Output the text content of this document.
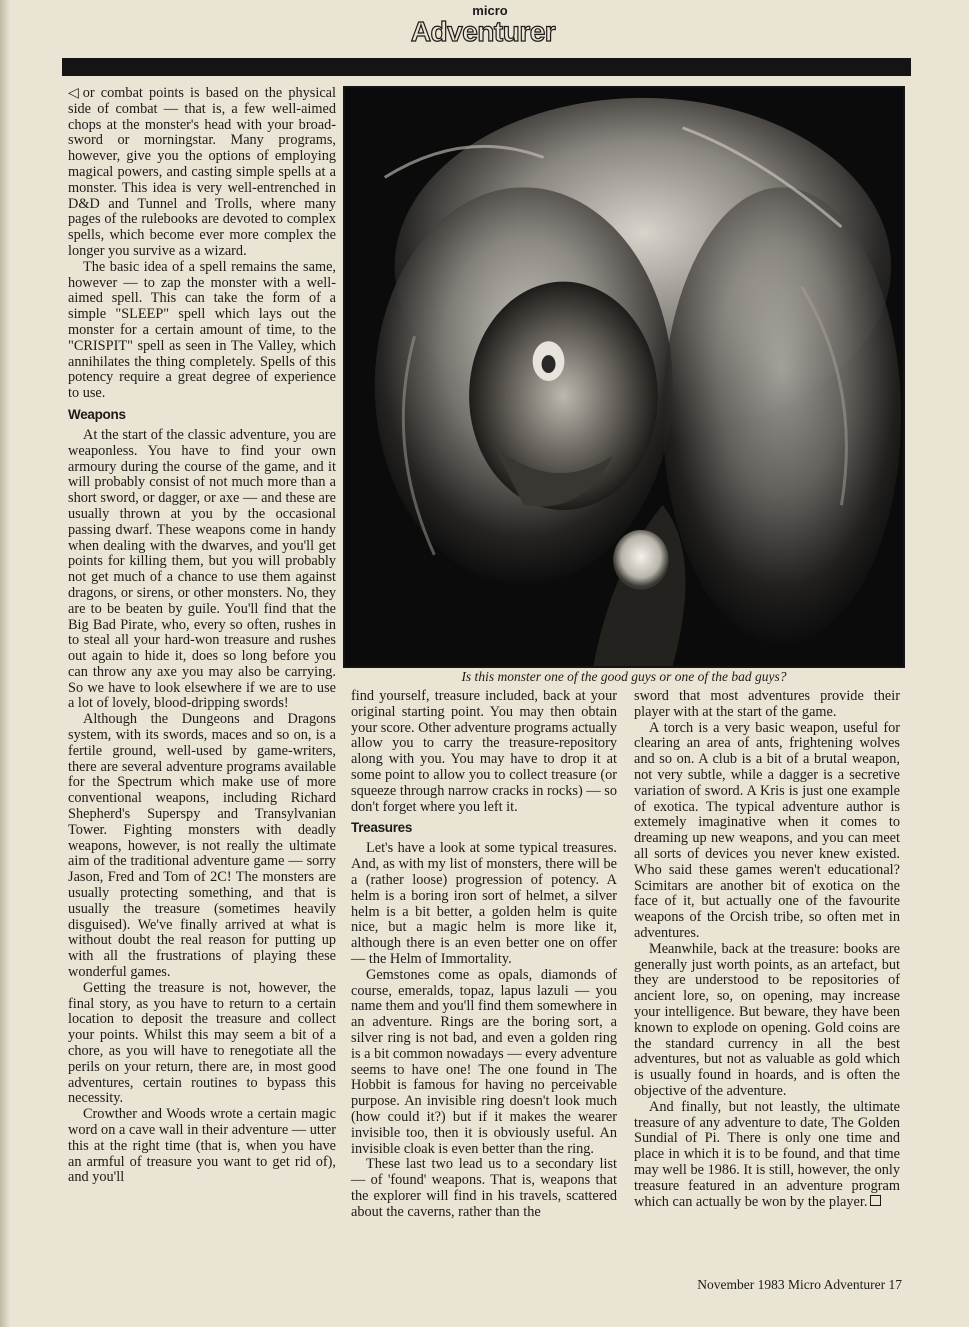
micro
Adventurer
Is this monster one of the good guys or one of the bad guys?

◁ or combat points is based on the physical side of combat — that is, a few well-aimed chops at the monster's head with your broad-sword or morningstar. Many programs, however, give you the options of employing magical powers, and casting simple spells at a monster. This idea is very well-entrenched in D&D and Tunnel and Trolls, where many pages of the rulebooks are devoted to complex spells, which become ever more complex the longer you survive as a wizard.

The basic idea of a spell remains the same, however — to zap the monster with a well-aimed spell. This can take the form of a simple "SLEEP" spell which lays out the monster for a certain amount of time, to the "CRISPIT" spell as seen in The Valley, which annihilates the thing completely. Spells of this potency require a great degree of experience to use.

Weapons

At the start of the classic adventure, you are weaponless. You have to find your own armoury during the course of the game, and it will probably consist of not much more than a short sword, or dagger, or axe — and these are usually thrown at you by the occasional passing dwarf. These weapons come in handy when dealing with the dwarves, and you'll get points for killing them, but you will probably not get much of a chance to use them against dragons, or sirens, or other monsters. No, they are to be beaten by guile. You'll find that the Big Bad Pirate, who, every so often, rushes in to steal all your hard-won treasure and rushes out again to hide it, does so long before you can throw any axe you may also be carrying. So we have to look elsewhere if we are to use a lot of lovely, blood-dripping swords!

Although the Dungeons and Dragons system, with its swords, maces and so on, is a fertile ground, well-used by game-writers, there are several adventure programs available for the Spectrum which make use of more conventional weapons, including Richard Shepherd's Superspy and Transylvanian Tower. Fighting monsters with deadly weapons, however, is not really the ultimate aim of the traditional adventure game — sorry Jason, Fred and Tom of 2C! The monsters are usually protecting something, and that is usually the treasure (sometimes heavily disguised). We've finally arrived at what is without doubt the real reason for putting up with all the frustrations of playing these wonderful games.

Getting the treasure is not, however, the final story, as you have to return to a certain location to deposit the treasure and collect your points. Whilst this may seem a bit of a chore, as you will have to renegotiate all the perils on your return, there are, in most good adventures, certain routines to bypass this necessity.

Crowther and Woods wrote a certain magic word on a cave wall in their adventure — utter this at the right time (that is, when you have an armful of treasure you want to get rid of), and you'll

find yourself, treasure included, back at your original starting point. You may then obtain your score. Other adventure programs actually allow you to carry the treasure-repository along with you. You may have to drop it at some point to allow you to collect treasure (or squeeze through narrow cracks in rocks) — so don't forget where you left it.

Treasures

Let's have a look at some typical treasures. And, as with my list of monsters, there will be a (rather loose) progression of potency. A helm is a boring iron sort of helmet, a silver helm is a bit better, a golden helm is quite nice, but a magic helm is more like it, although there is an even better one on offer — the Helm of Immortality.

Gemstones come as opals, diamonds of course, emeralds, topaz, lapus lazuli — you name them and you'll find them somewhere in an adventure. Rings are the boring sort, a silver ring is not bad, and even a golden ring is a bit common nowadays — every adventure seems to have one! The one found in The Hobbit is famous for having no perceivable purpose. An invisible ring doesn't look much (how could it?) but if it makes the wearer invisible too, then it is obviously useful. An invisible cloak is even better than the ring.

These last two lead us to a secondary list — of 'found' weapons. That is, weapons that the explorer will find in his travels, scattered about the caverns, rather than the

sword that most adventures provide their player with at the start of the game.

A torch is a very basic weapon, useful for clearing an area of ants, frightening wolves and so on. A club is a bit of a brutal weapon, not very subtle, while a dagger is a secretive variation of sword. A Kris is just one example of exotica. The typical adventure author is extemely imaginative when it comes to dreaming up new weapons, and you can meet all sorts of devices you never knew existed. Who said these games weren't educational? Scimitars are another bit of exotica on the face of it, but actually one of the favourite weapons of the Orcish tribe, so often met in adventures.

Meanwhile, back at the treasure: books are generally just worth points, as an artefact, but they are understood to be repositories of ancient lore, so, on opening, may increase your intelligence. But beware, they have been known to explode on opening. Gold coins are the standard currency in all the best adventures, but not as valuable as gold which is usually found in hoards, and is often the objective of the adventure.

And finally, but not leastly, the ultimate treasure of any adventure to date, The Golden Sundial of Pi. There is only one time and place in which it is to be found, and that time may well be 1986. It is still, however, the only treasure featured in an adventure program which can actually be won by the player.

November 1983 Micro Adventurer 17
